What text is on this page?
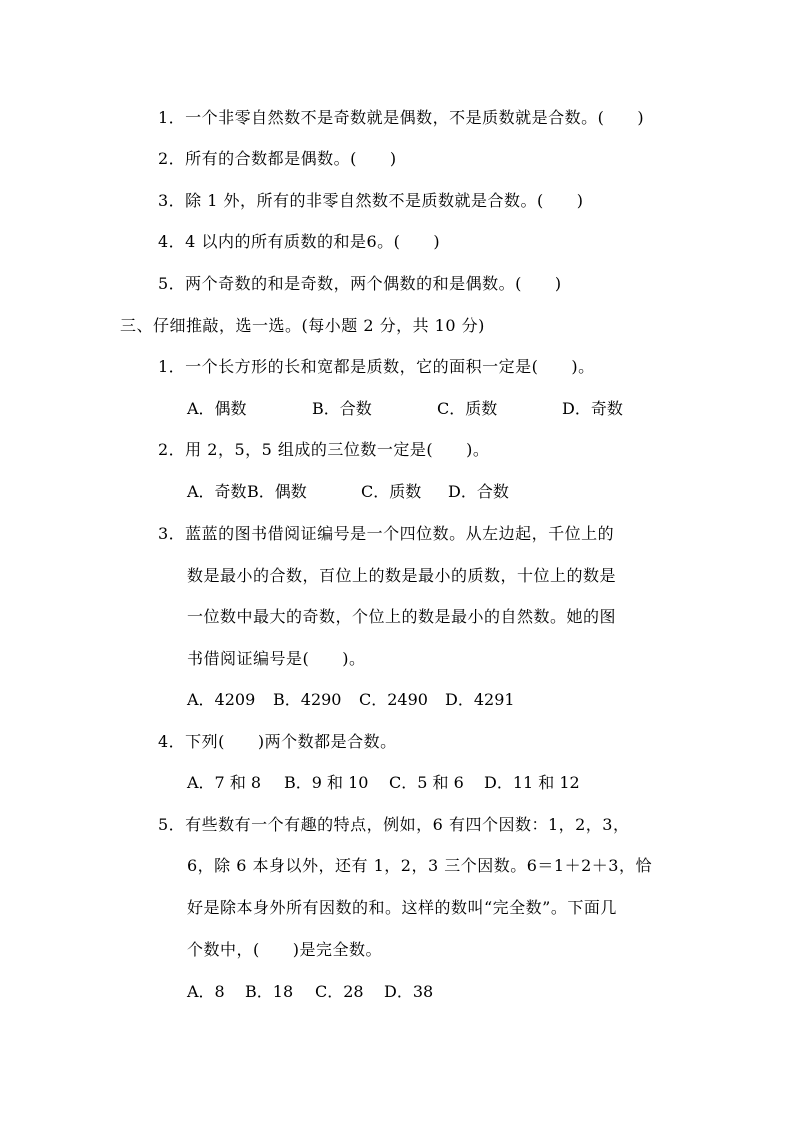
1．一个非零自然数不是奇数就是偶数，不是质数就是合数。(　　)
2．所有的合数都是偶数。(　　)
3．除 1 外，所有的非零自然数不是质数就是合数。(　　)
4．4 以内的所有质数的和是6。(　　)
5．两个奇数的和是奇数，两个偶数的和是偶数。(　　)
三、仔细推敲，选一选。(每小题 2 分，共 10 分)
1．一个长方形的长和宽都是质数，它的面积一定是(　　)。
A．偶数	B．合数	C．质数	D．奇数
2．用 2，5，5 组成的三位数一定是(　　)。
A．奇数 B．偶数	C．质数 D．合数
3．蓝蓝的图书借阅证编号是一个四位数。从左边起，千位上的
数是最小的合数，百位上的数是最小的质数，十位上的数是
一位数中最大的奇数，个位上的数是最小的自然数。她的图
书借阅证编号是(　　)。
A．4209 B．4290 C．2490 D．4291
4．下列(　　)两个数都是合数。
A．7 和 8 B．9 和 10 C．5 和 6 D．11 和 12
5．有些数有一个有趣的特点，例如，6 有四个因数：1，2，3，
6，除 6 本身以外，还有 1，2，3 三个因数。6＝1＋2＋3，恰
好是除本身外所有因数的和。这样的数叫“完全数”。下面几
个数中，(　　)是完全数。
A．8 B．18 C．28 D．38
